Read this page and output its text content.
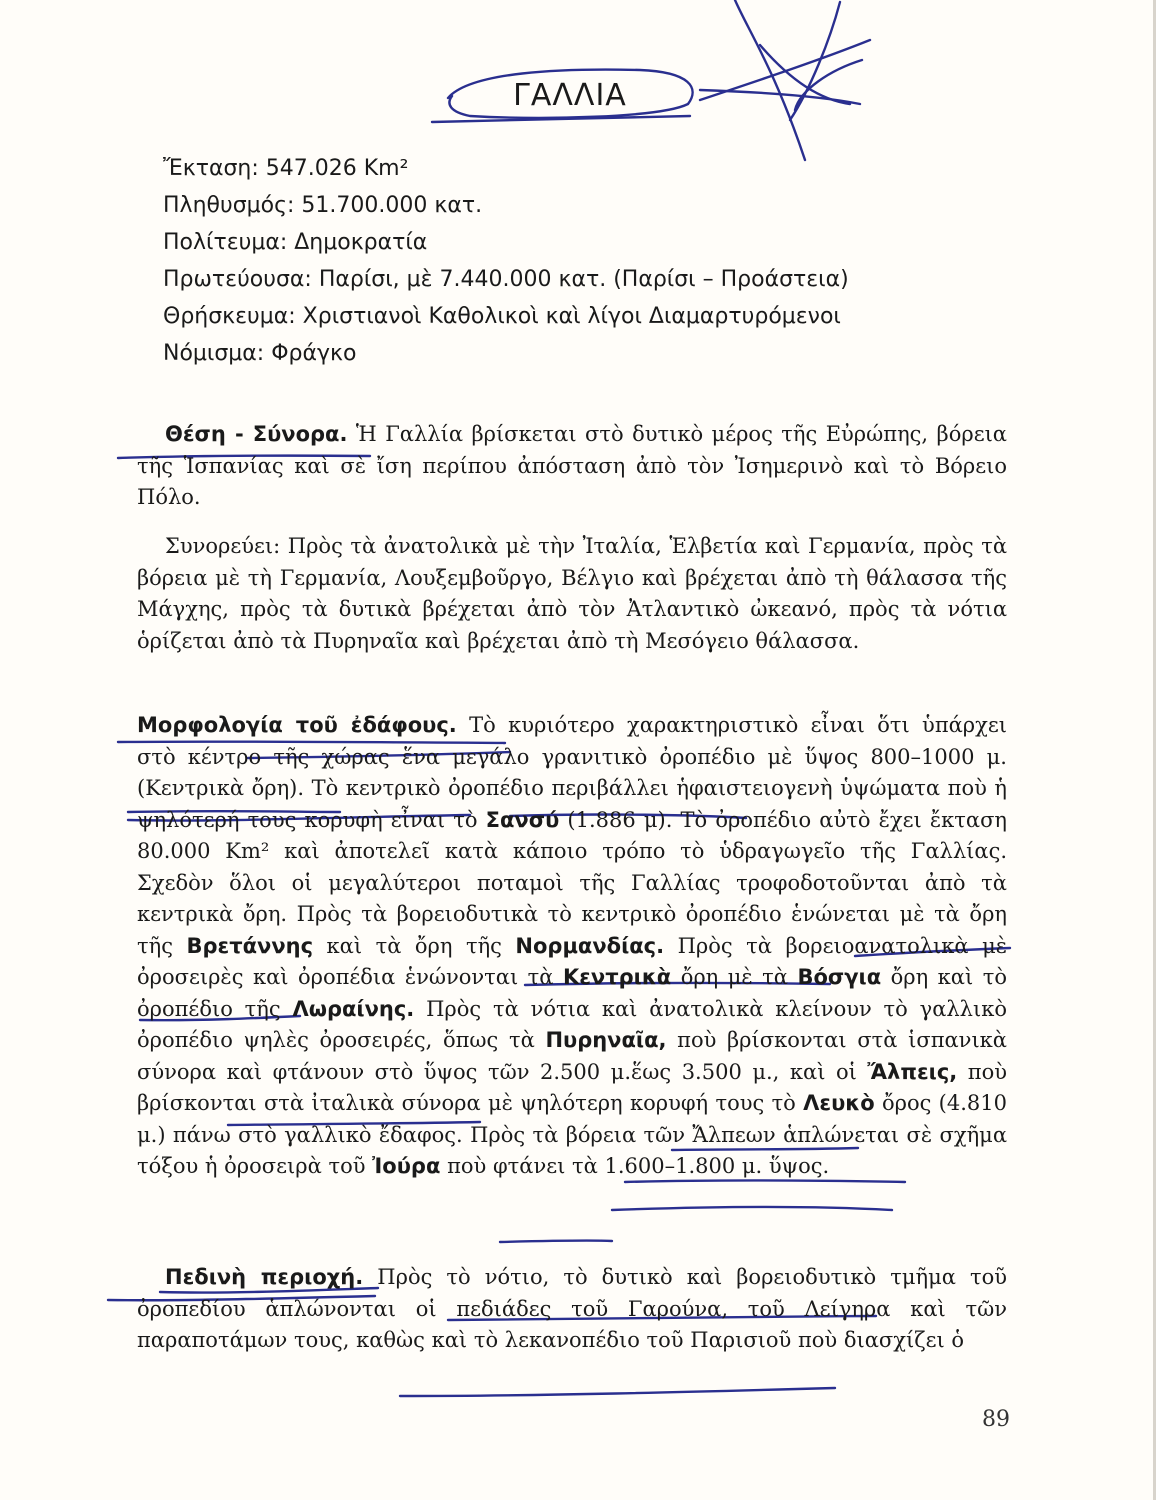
ΓΑΛΛΙΑ
Ἔκταση: 547.026 Km²
Πληθυσμός: 51.700.000 κατ.
Πολίτευμα: Δημοκρατία
Πρωτεύουσα: Παρίσι, μὲ 7.440.000 κατ. (Παρίσι – Προάστεια)
Θρήσκευμα: Χριστιανοὶ Καθολικοὶ καὶ λίγοι Διαμαρτυρόμενοι
Νόμισμα: Φράγκο

Θέση - Σύνορα. Ἡ Γαλλία βρίσκεται στὸ δυτικὸ μέρος τῆς Εὐρώπης, βόρεια τῆς Ἱσπανίας καὶ σὲ ἴση περίπου ἀπόσταση ἀπὸ τὸν Ἰσημερινὸ καὶ τὸ Βόρειο Πόλο.

Συνορεύει: Πρὸς τὰ ἀνατολικὰ μὲ τὴν Ἰταλία, Ἑλβετία καὶ Γερμανία, πρὸς τὰ βόρεια μὲ τὴ Γερμανία, Λουξεμβοῦργο, Βέλγιο καὶ βρέχεται ἀπὸ τὴ θάλασσα τῆς Μάγχης, πρὸς τὰ δυτικὰ βρέχεται ἀπὸ τὸν Ἀτλαντικὸ ὠκεανό, πρὸς τὰ νότια ὁρίζεται ἀπὸ τὰ Πυρηναῖα καὶ βρέχεται ἀπὸ τὴ Μεσόγειο θάλασσα.

Μορφολογία τοῦ ἐδάφους. Τὸ κυριότερο χαρακτηριστικὸ εἶναι ὅτι ὑπάρχει στὸ κέντρο τῆς χώρας ἕνα μεγάλο γρανιτικὸ ὀροπέδιο μὲ ὕψος 800–1000 μ. (Κεντρικὰ ὄρη). Τὸ κεντρικὸ ὀροπέδιο περιβάλλει ἡφαιστειογενὴ ὑψώματα ποὺ ἡ ψηλότερή τους κορυφὴ εἶναι τὸ Σανσύ (1.886 μ). Τὸ ὀροπέδιο αὐτὸ ἔχει ἔκταση 80.000 Km² καὶ ἀποτελεῖ κατὰ κάποιο τρόπο τὸ ὑδραγωγεῖο τῆς Γαλλίας. Σχεδὸν ὅλοι οἱ μεγαλύτεροι ποταμοὶ τῆς Γαλλίας τροφοδοτοῦνται ἀπὸ τὰ κεντρικὰ ὄρη. Πρὸς τὰ βορειοδυτικὰ τὸ κεντρικὸ ὀροπέδιο ἑνώνεται μὲ τὰ ὄρη τῆς Βρετάννης καὶ τὰ ὄρη τῆς Νορμανδίας. Πρὸς τὰ βορειοανατολικὰ μὲ ὀροσειρὲς καὶ ὀροπέδια ἑνώνονται τὰ Κεντρικὰ ὄρη μὲ τὰ Βόσγια ὄρη καὶ τὸ ὀροπέδιο τῆς Λωραίνης. Πρὸς τὰ νότια καὶ ἀνατολικὰ κλείνουν τὸ γαλλικὸ ὀροπέδιο ψηλὲς ὀροσειρές, ὅπως τὰ Πυρηναῖα, ποὺ βρίσκονται στὰ ἱσπανικὰ σύνορα καὶ φτάνουν στὸ ὕψος τῶν 2.500 μ.ἕως 3.500 μ., καὶ οἱ Ἄλπεις, ποὺ βρίσκονται στὰ ἰταλικὰ σύνορα μὲ ψηλότερη κορυφή τους τὸ Λευκὸ ὄρος (4.810 μ.) πάνω στὸ γαλλικὸ ἔδαφος. Πρὸς τὰ βόρεια τῶν Ἄλπεων ἁπλώνεται σὲ σχῆμα τόξου ἡ ὀροσειρὰ τοῦ Ἰούρα ποὺ φτάνει τὰ 1.600–1.800 μ. ὕψος.

Πεδινὴ περιοχή. Πρὸς τὸ νότιο, τὸ δυτικὸ καὶ βορειοδυτικὸ τμῆμα τοῦ ὀροπεδίου ἁπλώνονται οἱ πεδιάδες τοῦ Γαρούνα, τοῦ Λείγηρα καὶ τῶν παραποτάμων τους, καθὼς καὶ τὸ λεκανοπέδιο τοῦ Παρισιοῦ ποὺ διασχίζει ὁ

89
